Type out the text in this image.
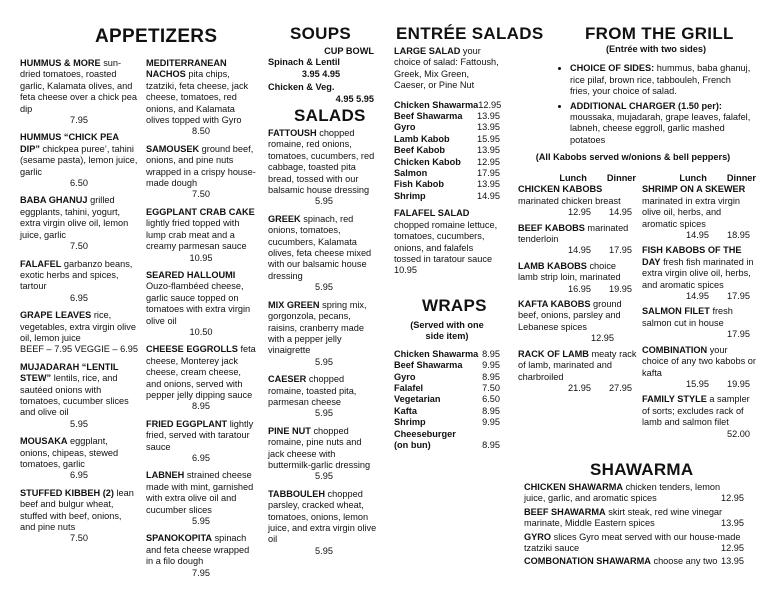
APPETIZERS
HUMMUS & MORE sun-dried tomatoes, roasted garlic, Kalamata olives, and feta cheese over a chick pea dip
7.95
HUMMUS “CHICK PEA DIP” chickpea puree’, tahini (sesame pasta), lemon juice, garlic
6.50
BABA GHANUJ grilled eggplants, tahini, yogurt, extra virgin olive oil, lemon juice, garlic
7.50
FALAFEL garbanzo beans, exotic herbs and spices, tartour
6.95
GRAPE LEAVES rice, vegetables, extra virgin olive oil, lemon juice
BEEF – 7.95 VEGGIE – 6.95
MUJADARAH “LENTIL STEW” lentils, rice, and sautéed onions with tomatoes, cucumber slices and olive oil
5.95
MOUSAKA eggplant, onions, chipeas, stewed tomatoes, garlic
6.95
STUFFED KIBBEH (2) lean beef and bulgur wheat, stuffed with beef, onions, and pine nuts
7.50
MEDITERRANEAN NACHOS pita chips, tzatziki, feta cheese, jack cheese, tomatoes, red onions, and Kalamata olives topped with Gyro
8.50
SAMOUSEK ground beef, onions, and pine nuts wrapped in a crispy house-made dough
7.50
EGGPLANT CRAB CAKE lightly fried topped with lump crab meat and a creamy parmesan sauce
10.95
SEARED HALLOUMI Ouzo-flambéed cheese, garlic sauce topped on tomatoes with extra virgin olive oil
10.50
CHEESE EGGROLLS feta cheese, Monterey jack cheese, cream cheese, and onions, served with pepper jelly dipping sauce
8.95
FRIED EGGPLANT lightly fried, served with taratour sauce
6.95
LABNEH strained cheese made with mint, garnished with extra olive oil and cucumber slices
5.95
SPANOKOPITA spinach and feta cheese wrapped in a filo dough
7.95
SOUPS
CUP BOWL
Spinach & Lentil
3.95 4.95
Chicken & Veg.
4.95 5.95
SALADS
FATTOUSH chopped romaine, red onions, tomatoes, cucumbers, red cabbage, toasted pita bread, tossed with our balsamic house dressing
5.95
GREEK spinach, red onions, tomatoes, cucumbers, Kalamata olives, feta cheese mixed with our balsamic house dressing
5.95
MIX GREEN spring mix, gorgonzola, pecans, raisins, cranberry made with a pepper jelly vinaigrette
5.95
CAESER chopped romaine, toasted pita, parmesan cheese
5.95
PINE NUT chopped romaine, pine nuts and jack cheese with buttermilk-garlic dressing
5.95
TABBOULEH chopped parsley, cracked wheat, tomatoes, onions, lemon juice, and extra virgin olive oil
5.95
ENTRÉE SALADS
LARGE SALAD your choice of salad: Fattoush, Greek, Mix Green, Caeser, or Pine Nut
Chicken Shawarma 12.95
Beef Shawarma 13.95
Gyro	13.95
Lamb Kabob	15.95
Beef Kabob	13.95
Chicken Kabob 12.95
Salmon	17.95
Fish Kabob	13.95
Shrimp	14.95
FALAFEL SALAD chopped romaine lettuce, tomatoes, cucumbers, onions, and falafels tossed in taratour sauce 10.95
WRAPS
(Served with one side item)
Chicken Shawarma 8.95
Beef Shawarma 9.95
Gyro	8.95
Falafel	7.50
Vegetarian	6.50
Kafta	8.95
Shrimp	9.95
Cheeseburger (on bun)	8.95
FROM THE GRILL
(Entrée with two sides)
• CHOICE OF SIDES: hummus, baba ghanuj, rice pilaf, brown rice, tabbouleh, French fries, your choice of salad.
• ADDITIONAL CHARGER (1.50 per): moussaka, mujadarah, grape leaves, falafel, labneh, cheese eggroll, garlic mashed potatoes
(All Kabobs served w/onions & bell peppers)
Lunch Dinner
CHICKEN KABOBS marinated chicken breast
12.95 14.95
BEEF KABOBS marinated tenderloin
14.95 17.95
LAMB KABOBS choice lamb strip loin, marinated
16.95 19.95
KAFTA KABOBS ground beef, onions, parsley and Lebanese spices
12.95
RACK OF LAMB meaty rack of lamb, marinated and charbroiled
21.95 27.95
Lunch Dinner
SHRIMP ON A SKEWER marinated in extra virgin olive oil, herbs, and aromatic spices
14.95 18.95
FISH KABOBS OF THE DAY fresh fish marinated in extra virgin olive oil, herbs, and aromatic spices
14.95 17.95
SALMON FILET fresh salmon cut in house
17.95
COMBINATION your choice of any two kabobs or kafta
15.95 19.95
FAMILY STYLE a sampler of sorts; excludes rack of lamb and salmon filet
52.00
SHAWARMA
CHICKEN SHAWARMA chicken tenders, lemon juice, garlic, and aromatic spices	12.95
BEEF SHAWARMA skirt steak, red wine vinegar marinate, Middle Eastern spices	13.95
GYRO slices Gyro meat served with our house-made tzatziki sauce	12.95
COMBONATION SHAWARMA choose any two 13.95
